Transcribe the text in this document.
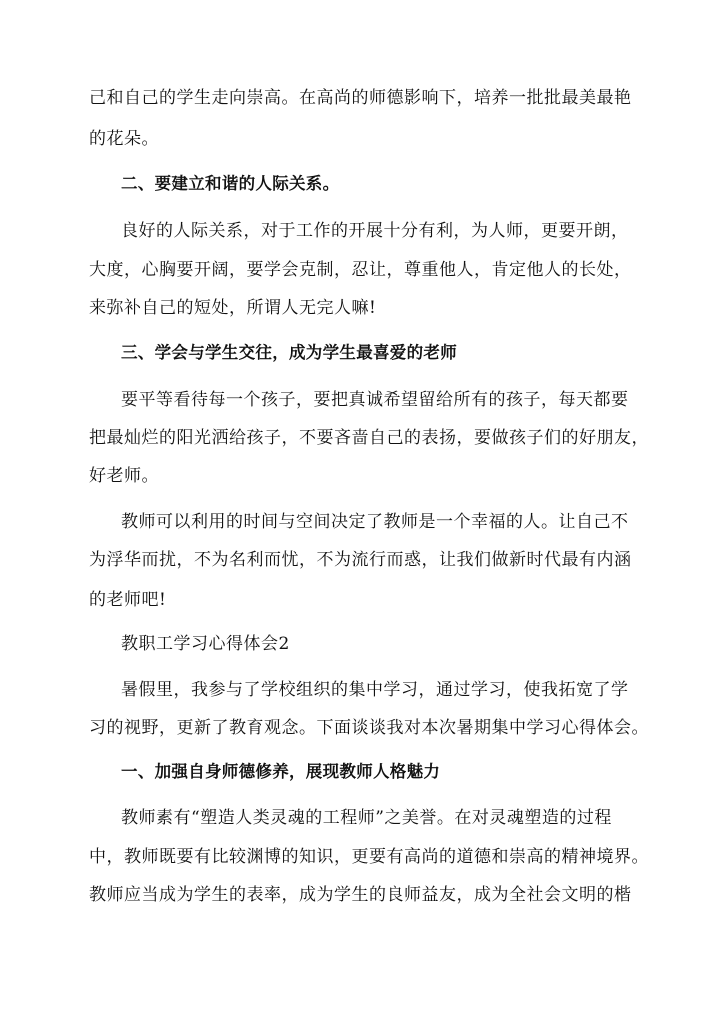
己和自己的学生走向崇高。在高尚的师德影响下，培养一批批最美最艳
的花朵。
二、要建立和谐的人际关系。
良好的人际关系，对于工作的开展十分有利，为人师，更要开朗，
大度，心胸要开阔，要学会克制，忍让，尊重他人，肯定他人的长处，
来弥补自己的短处，所谓人无完人嘛!
三、学会与学生交往，成为学生最喜爱的老师
要平等看待每一个孩子，要把真诚希望留给所有的孩子，每天都要
把最灿烂的阳光洒给孩子，不要吝啬自己的表扬，要做孩子们的好朋友，
好老师。
教师可以利用的时间与空间决定了教师是一个幸福的人。让自己不
为浮华而扰，不为名利而忧，不为流行而惑，让我们做新时代最有内涵
的老师吧!
教职工学习心得体会2
暑假里，我参与了学校组织的集中学习，通过学习，使我拓宽了学
习的视野，更新了教育观念。下面谈谈我对本次暑期集中学习心得体会。
一、加强自身师德修养，展现教师人格魅力
教师素有“塑造人类灵魂的工程师”之美誉。在对灵魂塑造的过程
中，教师既要有比较渊博的知识，更要有高尚的道德和崇高的精神境界。
教师应当成为学生的表率，成为学生的良师益友，成为全社会文明的楷
